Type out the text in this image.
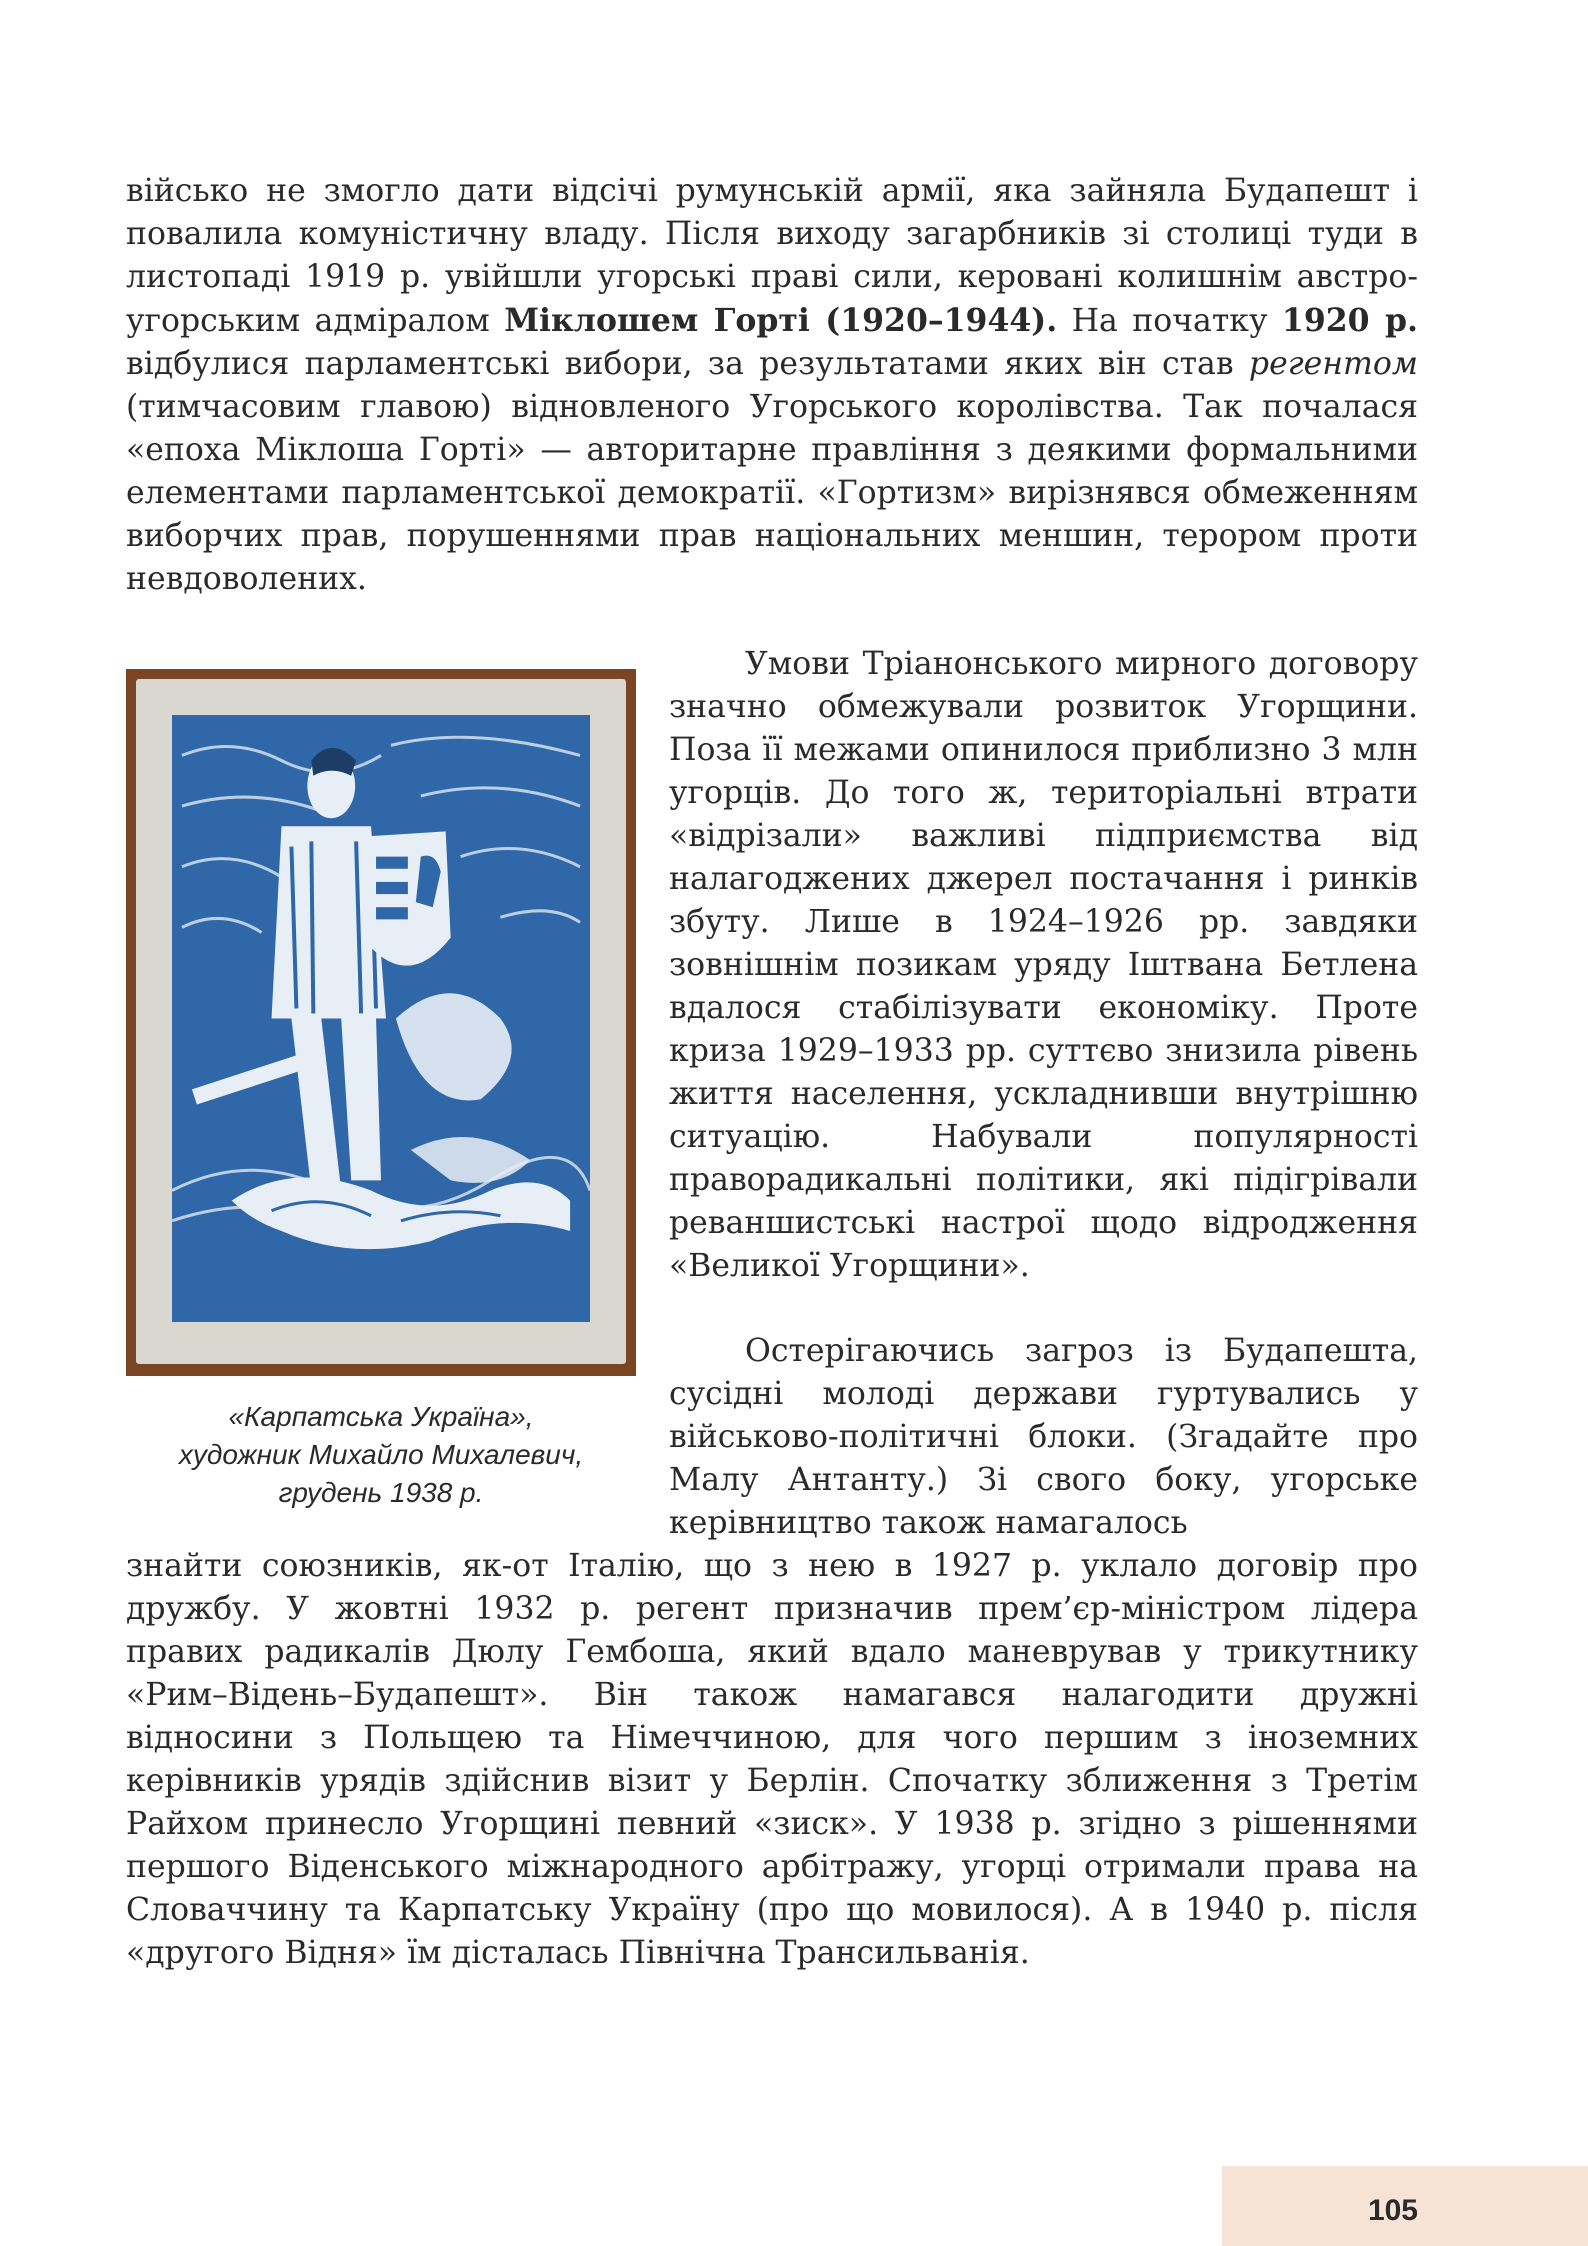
військо не змогло дати відсічі румунській армії, яка зайняла Будапешт і повалила комуністичну владу. Після виходу загарбників зі столиці туди в листопаді 1919 р. увійшли угорські праві сили, керовані колишнім австро-угорським адміралом Міклошем Горті (1920–1944). На початку 1920 р. відбулися парламентські вибори, за результатами яких він став регентом (тимчасовим главою) відновленого Угорського королівства. Так почалася «епоха Міклоша Горті» — авторитарне правління з деякими формальними елементами парламентської демократії. «Гортизм» вирізнявся обмеженням виборчих прав, порушеннями прав національних меншин, терором проти невдоволених.

«Карпатська Україна»,
художник Михайло Михалевич,
грудень 1938 р.

Умови Тріанонського мирного договору значно обмежували розвиток Угорщини. Поза її межами опинилося приблизно 3 млн угорців. До того ж, територіальні втрати «відрізали» важливі підприємства від налагоджених джерел постачання і ринків збуту. Лише в 1924–1926 рр. завдяки зовнішнім позикам уряду Іштвана Бетлена вдалося стабілізувати економіку. Проте криза 1929–1933 рр. суттєво знизила рівень життя населення, ускладнивши внутрішню ситуацію. Набували популярності праворадикальні політики, які підігрівали реваншистські настрої щодо відродження «Великої Угорщини».

Остерігаючись загроз із Будапешта, сусідні молоді держави гуртувались у військово-політичні блоки. (Згадайте про Малу Антанту.) Зі свого боку, угорське керівництво також намагалось

знайти союзників, як-от Італію, що з нею в 1927 р. уклало договір про дружбу. У жовтні 1932 р. регент призначив прем’єр-міністром лідера правих радикалів Дюлу Гембоша, який вдало маневрував у трикутнику «Рим–Відень–Будапешт». Він також намагався налагодити дружні відносини з Польщею та Німеччиною, для чого першим з іноземних керівників урядів здійснив візит у Берлін. Спочатку зближення з Третім Райхом принесло Угорщині певний «зиск». У 1938 р. згідно з рішеннями першого Віденського міжнародного арбітражу, угорці отримали права на Словаччину та Карпатську Україну (про що мовилося). А в 1940 р. після «другого Відня» їм дісталась Північна Трансильванія.

105
